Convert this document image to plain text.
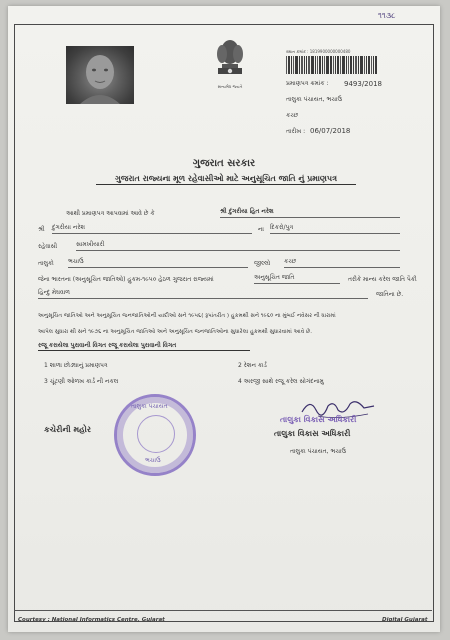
૧૧૩૮
સત્યમેવ જયતે
રાશન ક્રમાંક : 1819900000000480
પ્રમાણપત્ર ક્રમાંક : 9493/2018
તાલુકા પંચાયત, ભચાઉ
કચ્છ
તારીખ : 06/07/2018
ગુજરાત સરકાર
ગુજરાત રાજ્યના મૂળ રહેવાસીઓ માટે અનુસૂચિત જાતિ નું પ્રમાણપત્ર
આથી પ્રમાણપત્ર આપવામાં આવે છે કે	શ્રી દુંગરીયા હિત નરેશ
શ્રી દુંગરીયા નરેશ	ના દિકરો/પુત્ર
રહેવાસી	સામખીયારી
તાલુકો ભચાઉ	જીલ્લો કચ્છ
જેના ભારતના (અનુસૂચિત જાતિઓ) હુકમ-૧૯૫૦ હેઠળ ગુજરાત રાજ્યમાં	અનુસૂચિત જાતિ	તરીકે માન્ય કરેલ જાતિ પૈકી
હિન્દુ મેઘવાળ	જાતિના છે.
અનુસૂચિત જાતિઓ અને અનુસૂચિત જનજાતિઓની યાદીઓ સને ૧૯૫૬( રૂપાંતરીત ) હુકમથી સને ૧૯૬૦ ના મુંબઈ નવેસર ની ધારામાં
આપેલ સુધારા થી સને ૧૯૭૬ ના અનુસૂચિત જાતિઓ અને અનુસૂચિત જનજાતિઓના સુધારેલા હુકમથી સુધારવામાં આવે છે.
રજૂ કરાયેલા પુરાવાની વિગત રજૂ કરાયેલા પુરાવાની વિગત
1 શાળા છોડ્યાનું પ્રમાણપત્ર	2 રેશન કાર્ડ
3 ચૂંટણી ઓળખ કાર્ડ ની નકલ	4 અરજી સાથે રજૂ કરેલ સોગંદનામુ
તાલુકા વિકાસ અધિકારી
તાલુકા વિકાસ અધિકારી
તાલુકા પંચાયત, ભચાઉ
કચેરીની મહોર
તાલુકા પંચાયત
ભચાઉ
Courtesy : National Informatics Centre, Gujarat	Digital Gujarat
